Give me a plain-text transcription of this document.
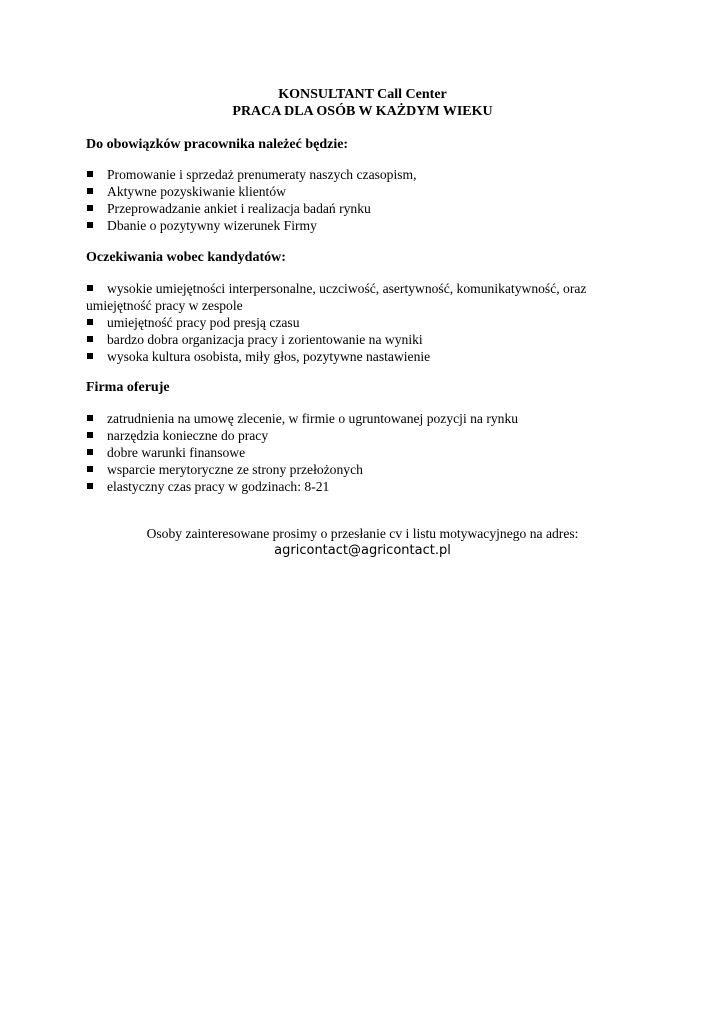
KONSULTANT Call Center
PRACA DLA OSÓB W KAŻDYM WIEKU
Do obowiązków pracownika należeć będzie:
Promowanie i sprzedaż prenumeraty naszych czasopism,
Aktywne pozyskiwanie klientów
Przeprowadzanie ankiet i realizacja badań rynku
Dbanie o pozytywny wizerunek Firmy
Oczekiwania wobec kandydatów:
wysokie umiejętności interpersonalne, uczciwość, asertywność, komunikatywność, oraz umiejętność pracy w zespole
umiejętność pracy pod presją czasu
bardzo dobra organizacja pracy i zorientowanie na wyniki
wysoka kultura osobista, miły głos, pozytywne nastawienie
Firma oferuje
zatrudnienia na umowę zlecenie, w firmie o ugruntowanej pozycji na rynku
narzędzia konieczne do pracy
dobre warunki finansowe
wsparcie merytoryczne ze strony przełożonych
elastyczny czas pracy w godzinach: 8-21
Osoby zainteresowane prosimy o przesłanie cv i listu motywacyjnego na adres:
agricontact@agricontact.pl
